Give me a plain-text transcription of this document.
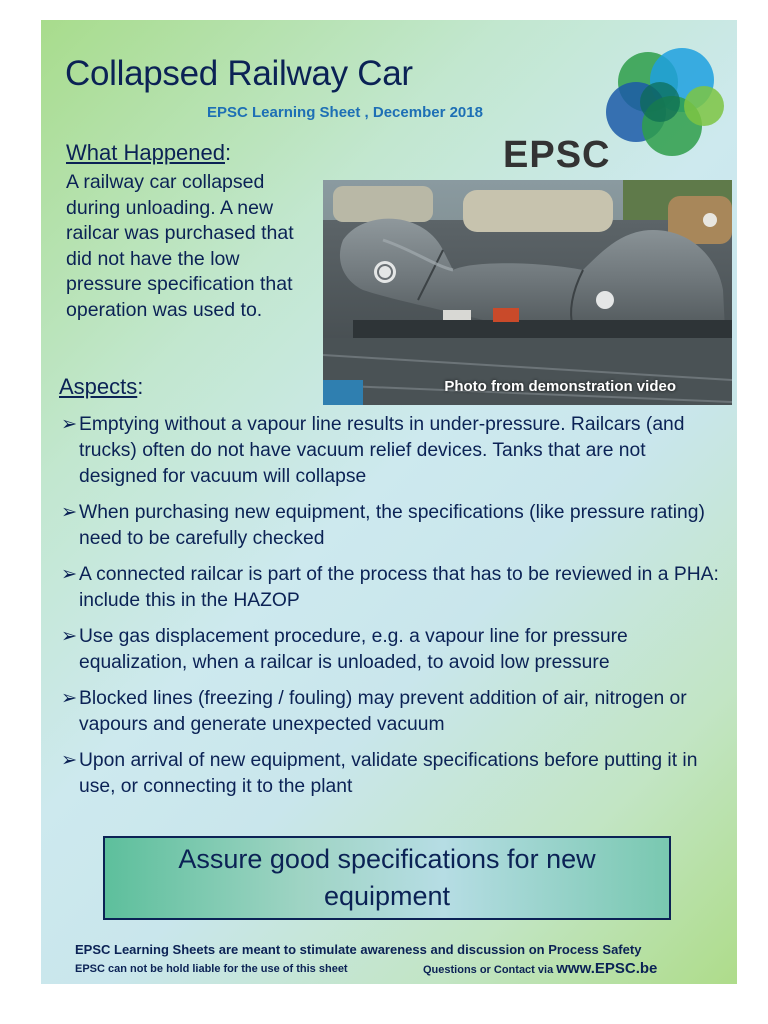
Collapsed Railway Car
EPSC Learning Sheet , December 2018
EPSC
What Happened:

A railway car collapsed during unloading. A new railcar was purchased that did not have the low pressure specification that operation was used to.

Photo from demonstration video
Aspects:
➢ Emptying without a vapour line results in under-pressure. Railcars (and trucks) often do not have vacuum relief devices. Tanks that are not designed for vacuum will collapse
➢ When purchasing new equipment, the specifications (like pressure rating) need to be carefully checked
➢ A connected railcar is part of the process that has to be reviewed in a PHA: include this in the HAZOP
➢ Use gas displacement procedure, e.g. a vapour line for pressure equalization, when a railcar is unloaded, to avoid low pressure
➢ Blocked lines (freezing / fouling) may prevent addition of air, nitrogen or vapours and generate unexpected vacuum
➢ Upon arrival of new equipment, validate specifications before putting it in use, or connecting it to the plant
Assure good specifications for new equipment
EPSC Learning Sheets are meant to stimulate awareness and discussion on Process Safety
EPSC can not be hold liable for the use of this sheet	Questions or Contact via www.EPSC.be
